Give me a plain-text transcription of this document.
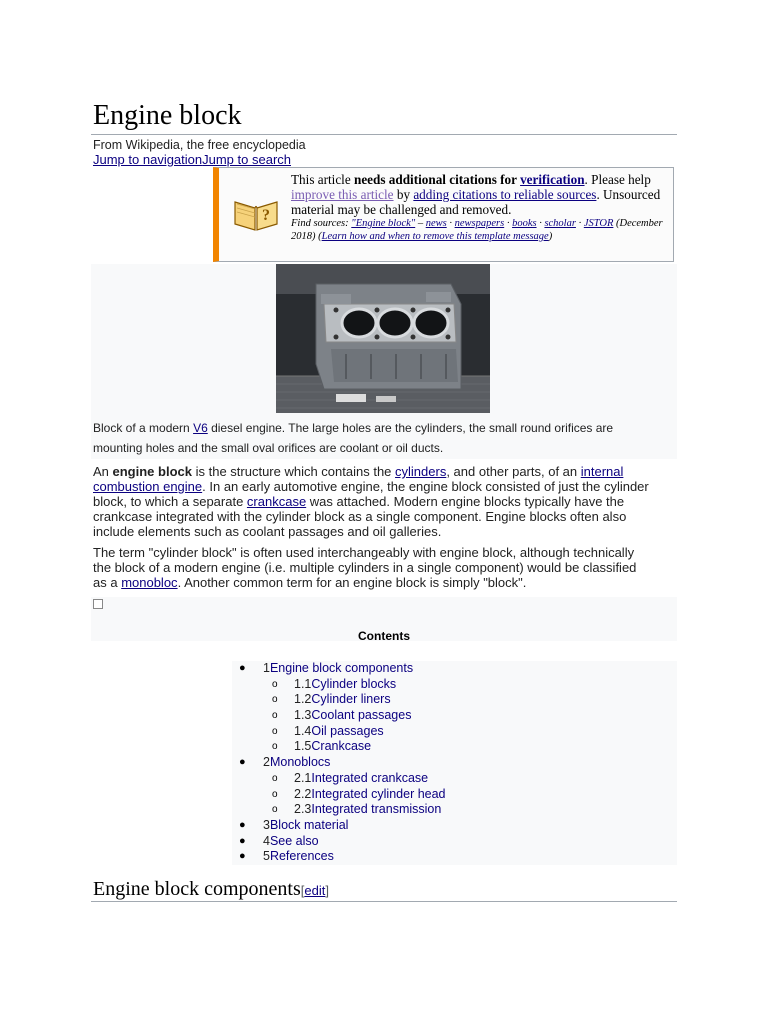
Engine block
From Wikipedia, the free encyclopedia
Jump to navigationJump to search
?
This article needs additional citations for verification. Please help improve this article by adding citations to reliable sources. Unsourced material may be challenged and removed.
Find sources: "Engine block" – news · newspapers · books · scholar · JSTOR (December 2018) (Learn how and when to remove this template message)
Block of a modern V6 diesel engine. The large holes are the cylinders, the small round orifices are mounting holes and the small oval orifices are coolant or oil ducts.

An engine block is the structure which contains the cylinders, and other parts, of an internal combustion engine. In an early automotive engine, the engine block consisted of just the cylinder block, to which a separate crankcase was attached. Modern engine blocks typically have the crankcase integrated with the cylinder block as a single component. Engine blocks often also include elements such as coolant passages and oil galleries.

The term "cylinder block" is often used interchangeably with engine block, although technically the block of a modern engine (i.e. multiple cylinders in a single component) would be classified as a monobloc. Another common term for an engine block is simply "block".

Contents
● 1Engine block components
o 1.1Cylinder blocks
o 1.2Cylinder liners
o 1.3Coolant passages
o 1.4Oil passages
o 1.5Crankcase
● 2Monoblocs
o 2.1Integrated crankcase
o 2.2Integrated cylinder head
o 2.3Integrated transmission
● 3Block material
● 4See also
● 5References
Engine block components[edit]
